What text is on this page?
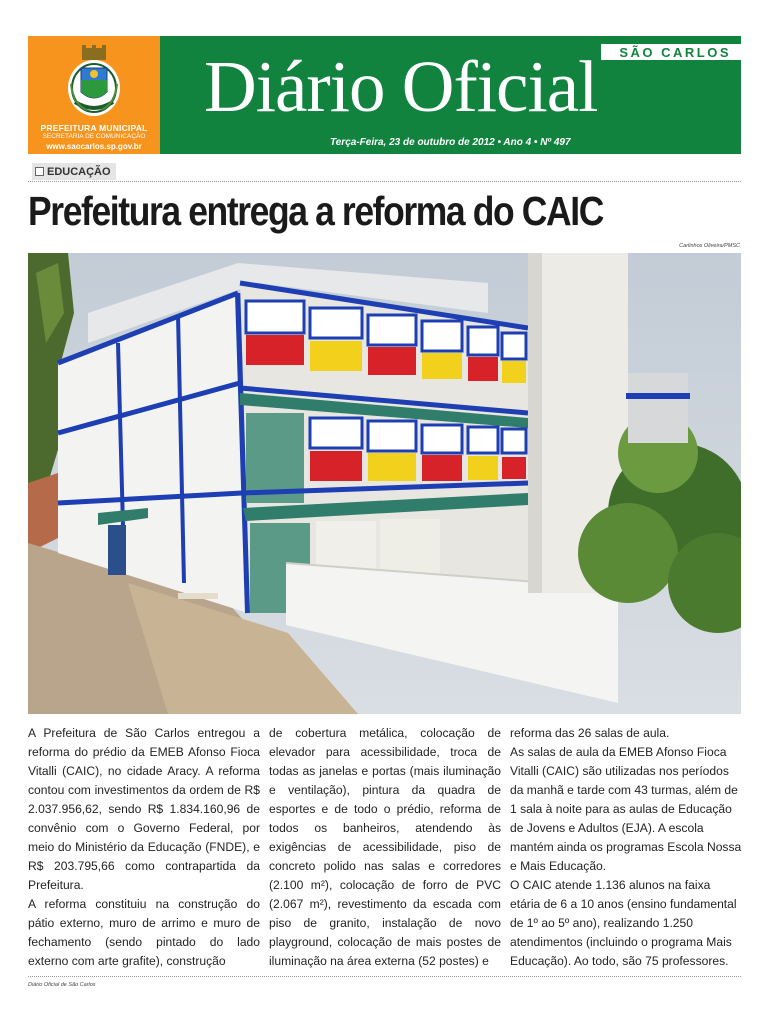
PREFEITURA MUNICIPAL
SECRETARIA DE COMUNICAÇÃO
www.saocarlos.sp.gov.br
SÃO CARLOS
Diário Oficial
Terça-Feira, 23 de outubro de 2012 • Ano 4 • Nº 497
EDUCAÇÃO
Prefeitura entrega a reforma do CAIC
Carlinhos Oliveira/PMSC

A Prefeitura de São Carlos entregou a reforma do prédio da EMEB Afonso Fioca Vitalli (CAIC), no cidade Aracy. A reforma contou com investimentos da ordem de R$ 2.037.956,62, sendo R$ 1.834.160,96 de convênio com o Governo Federal, por meio do Ministério da Educação (FNDE), e R$ 203.795,66 como contrapartida da Prefeitura.

A reforma constituiu na construção do pátio externo, muro de arrimo e muro de fechamento (sendo pintado do lado externo com arte grafite), construção

de cobertura metálica, colocação de elevador para acessibilidade, troca de todas as janelas e portas (mais iluminação e ventilação), pintura da quadra de esportes e de todo o prédio, reforma de todos os banheiros, atendendo às exigências de acessibilidade, piso de concreto polido nas salas e corredores (2.100 m²), colocação de forro de PVC (2.067 m²), revestimento da escada com piso de granito, instalação de novo playground, colocação de mais postes de iluminação na área externa (52 postes) e

reforma das 26 salas de aula.

As salas de aula da EMEB Afonso Fioca Vitalli (CAIC) são utilizadas nos períodos da manhã e tarde com 43 turmas, além de 1 sala à noite para as aulas de Educação de Jovens e Adultos (EJA). A escola mantém ainda os programas Escola Nossa e Mais Educação.

O CAIC atende 1.136 alunos na faixa etária de 6 a 10 anos (ensino fundamental de 1º ao 5º ano), realizando 1.250 atendimentos (incluindo o programa Mais Educação). Ao todo, são 75 professores.

Diário Oficial de São Carlos
